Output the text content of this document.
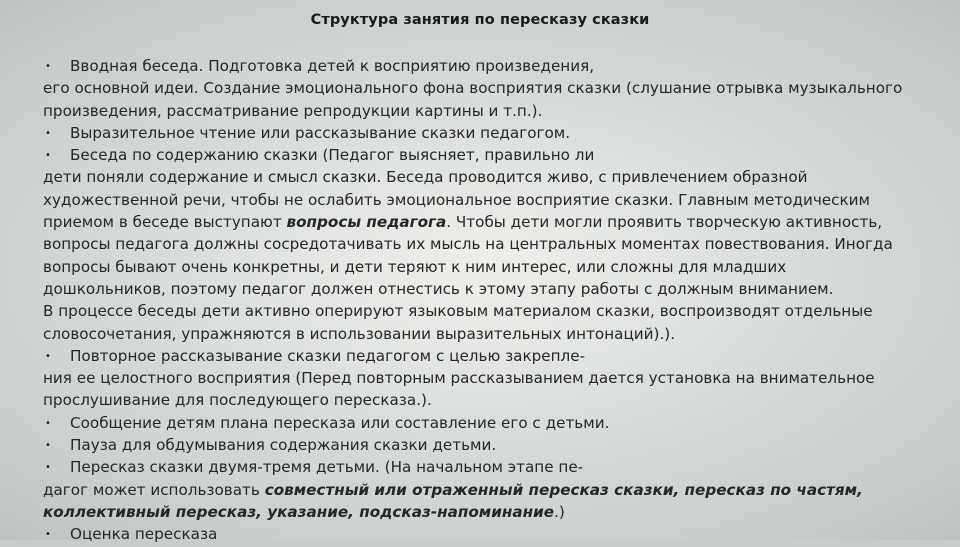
Структура занятия по пересказу сказки
• Вводная беседа. Подготовка детей к восприятию произведения,
его основной идеи. Создание эмоционального фона восприятия сказки (слушание отрывка музыкального
произведения, рассматривание репродукции картины и т.п.).
• Выразительное чтение или рассказывание сказки педагогом.
• Беседа по содержанию сказки (Педагог выясняет, правильно ли
дети поняли содержание и смысл сказки. Беседа проводится живо, с привлечением образной
художественной речи, чтобы не ослабить эмоциональное восприятие сказки. Главным методическим
приемом в беседе выступают вопросы педагога. Чтобы дети могли проявить творческую активность,
вопросы педагога должны сосредотачивать их мысль на центральных моментах повествования. Иногда
вопросы бывают очень конкретны, и дети теряют к ним интерес, или сложны для младших
дошкольников, поэтому педагог должен отнестись к этому этапу работы с должным вниманием.
В процессе беседы дети активно оперируют языковым материалом сказки, воспроизводят отдельные
словосочетания, упражняются в использовании выразительных интонаций).).
• Повторное рассказывание сказки педагогом с целью закрепле-
ния ее целостного восприятия (Перед повторным рассказыванием дается установка на внимательное
прослушивание для последующего пересказа.).
• Сообщение детям плана пересказа или составление его с детьми.
• Пауза для обдумывания содержания сказки детьми.
• Пересказ сказки двумя-тремя детьми. (На начальном этапе пе-
дагог может использовать совместный или отраженный пересказ сказки, пересказ по частям,
коллективный пересказ, указание, подсказ-напоминание.)
• Оценка пересказа
